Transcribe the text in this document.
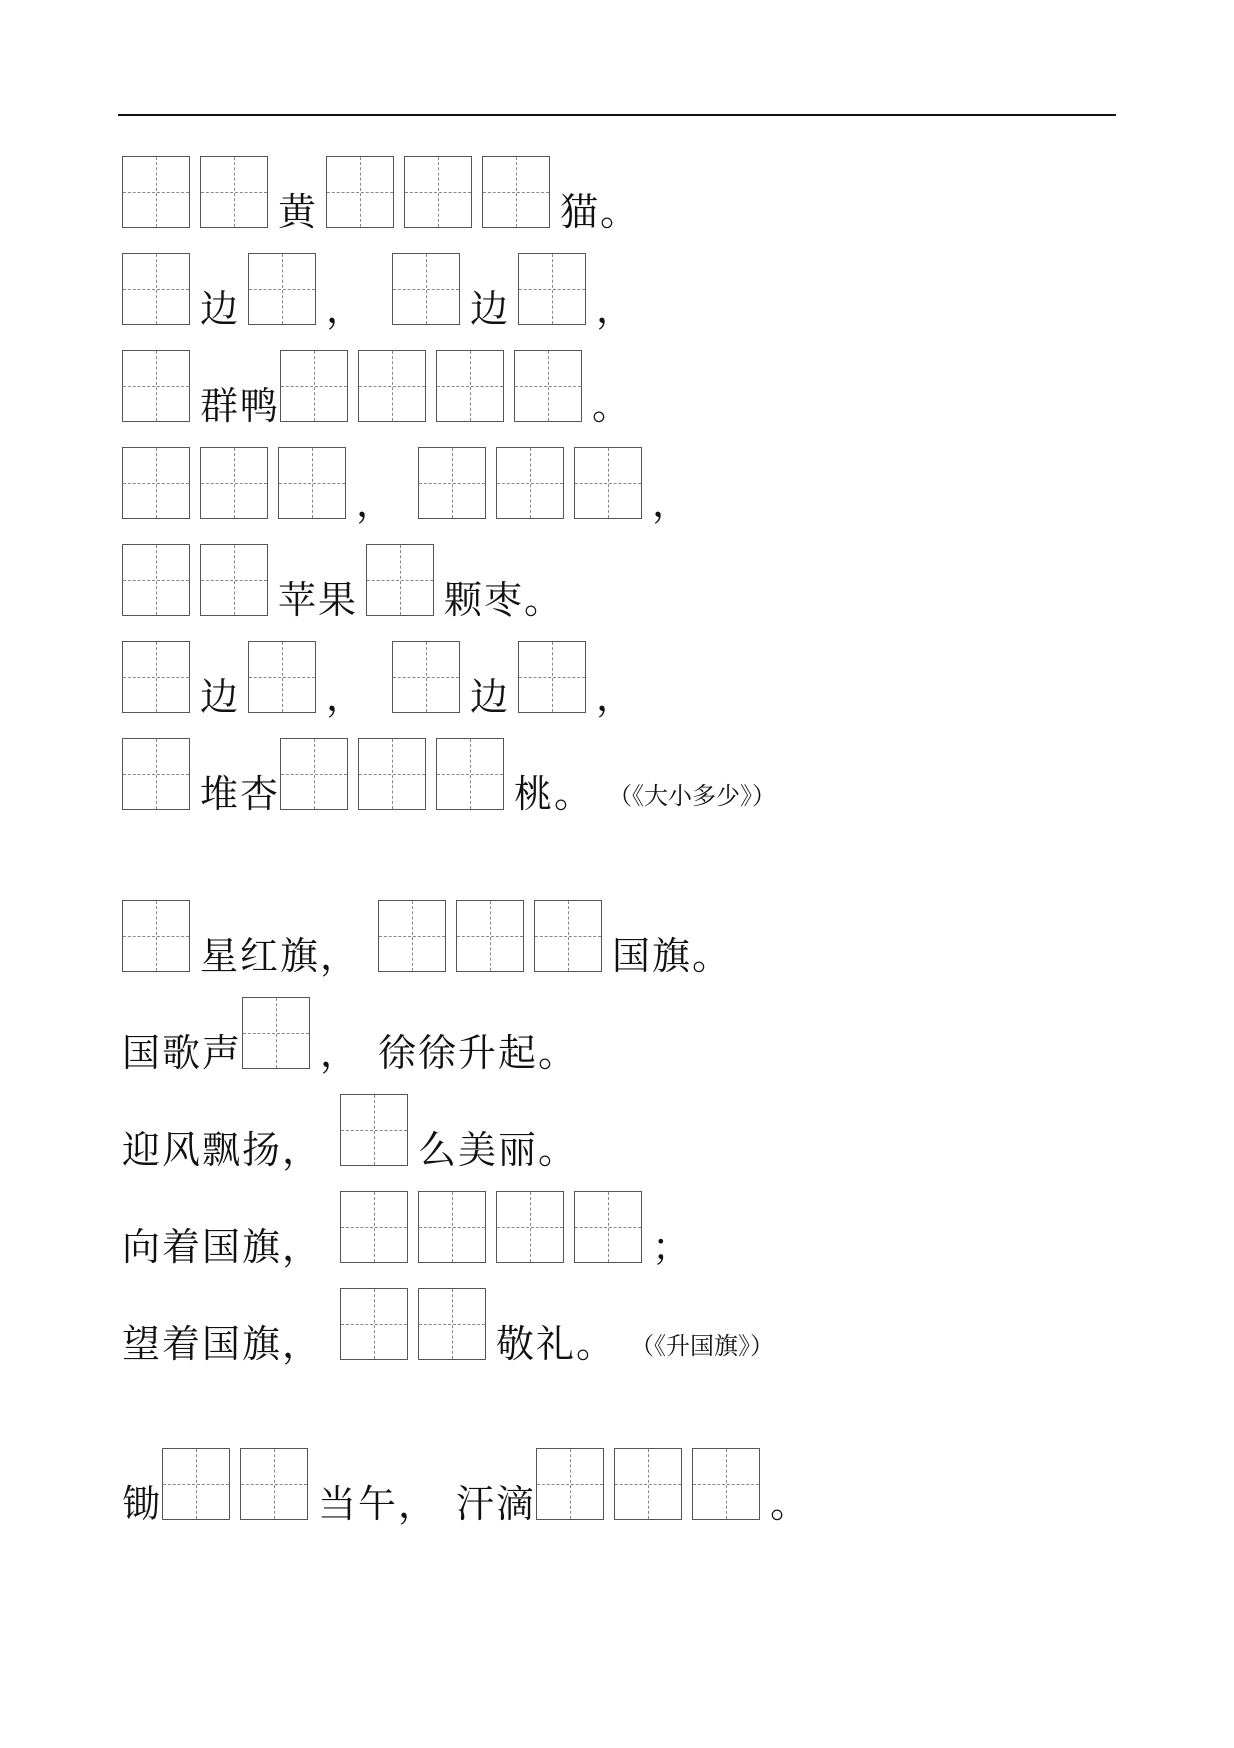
黄	猫 。
边 ，	边 ，
群鸭	。
，	，
苹果 颗枣 。
边 ，	边 ，
堆杏	桃 。 （《大小多少》）
星红旗 ，	国旗 。
国歌声 ， 徐徐升起 。
迎风飘扬 ，	么美丽 。
向着国旗 ，	；
望着国旗 ，	敬礼 。 （《升国旗》）
锄	当午 ， 汗滴	。
